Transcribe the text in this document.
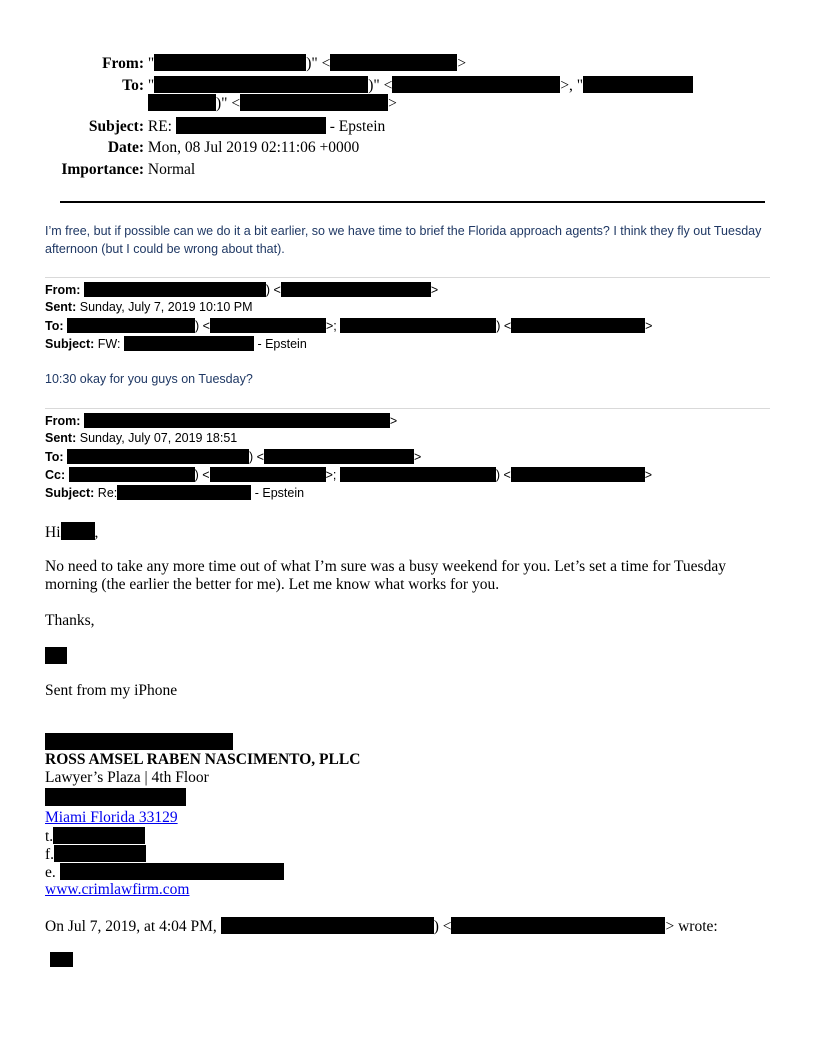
From: "	)" <	>
To: "	)" <	>, "
)" <	>
Subject: RE:	- Epstein
Date: Mon, 08 Jul 2019 02:11:06 +0000
Importance: Normal
I’m free, but if possible can we do it a bit earlier, so we have time to brief the Florida approach agents? I think they fly out Tuesday afternoon (but I could be wrong about that).
From:	) <	>
Sent: Sunday, July 7, 2019 10:10 PM
To:	) <	>;	) <	>
Subject: FW:	- Epstein
10:30 okay for you guys on Tuesday?
From:	>
Sent: Sunday, July 07, 2019 18:51
To:	) <	>
Cc:	) <	>;	) <	>
Subject: Re:	- Epstein
Hi ,
No need to take any more time out of what I’m sure was a busy weekend for you. Let’s set a time for Tuesday
morning (the earlier the better for me). Let me know what works for you.
Thanks,
Sent from my iPhone
ROSS AMSEL RABEN NASCIMENTO, PLLC
Lawyer’s Plaza | 4th Floor
Miami Florida 33129
t.
f.
e.
www.crimlawfirm.com
On Jul 7, 2019, at 4:04 PM,	) <	> wrote:
